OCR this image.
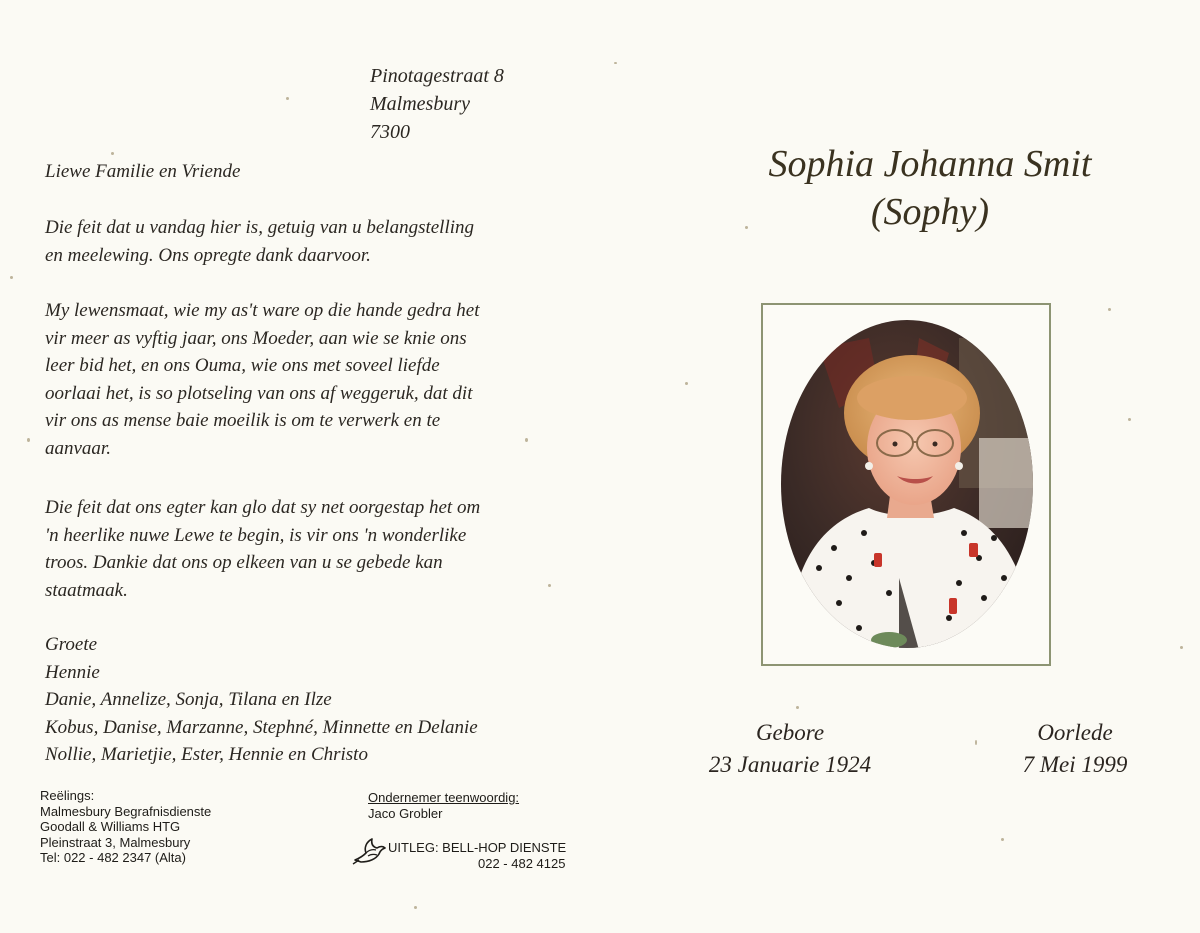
Pinotagestraat 8
Malmesbury
7300
Liewe Familie en Vriende
Die feit dat u vandag hier is, getuig van u belangstelling
en meelewing. Ons opregte dank daarvoor.
My lewensmaat, wie my as't ware op die hande gedra het
vir meer as vyftig jaar, ons Moeder, aan wie se knie ons
leer bid het, en ons Ouma, wie ons met soveel liefde
oorlaai het, is so plotseling van ons af weggeruk, dat dit
vir ons as mense baie moeilik is om te verwerk en te
aanvaar.
Die feit dat ons egter kan glo dat sy net oorgestap het om
'n heerlike nuwe Lewe te begin, is vir ons 'n wonderlike
troos. Dankie dat ons op elkeen van u se gebede kan
staatmaak.
Groete
Hennie
Danie, Annelize, Sonja, Tilana en Ilze
Kobus, Danise, Marzanne, Stephné, Minnette en Delanie
Nollie, Marietjie, Ester, Hennie en Christo
Reëlings:
Malmesbury Begrafnisdienste
Goodall & Williams HTG
Pleinstraat 3, Malmesbury
Tel: 022 - 482 2347 (Alta)
Ondernemer teenwoordig:
Jaco Grobler
UITLEG: BELL-HOP DIENSTE
022 - 482 4125
Sophia Johanna Smit
(Sophy)
Gebore
23 Januarie 1924
Oorlede
7 Mei 1999
